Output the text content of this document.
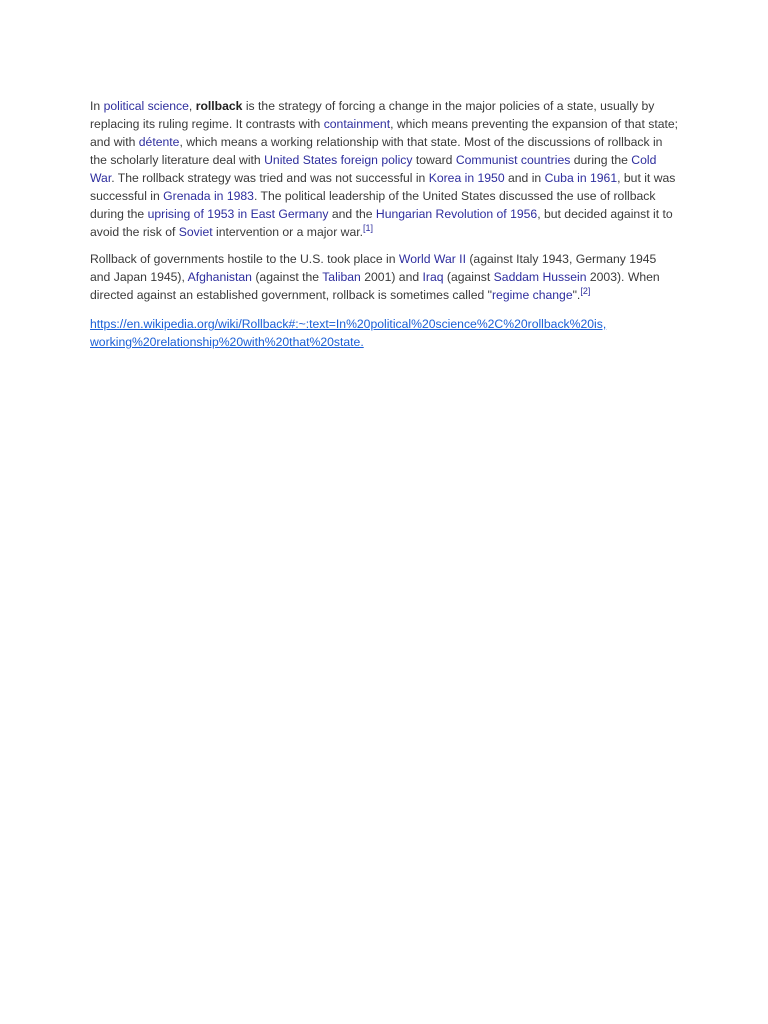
In political science, rollback is the strategy of forcing a change in the major policies of a state, usually by replacing its ruling regime. It contrasts with containment, which means preventing the expansion of that state; and with détente, which means a working relationship with that state. Most of the discussions of rollback in the scholarly literature deal with United States foreign policy toward Communist countries during the Cold War. The rollback strategy was tried and was not successful in Korea in 1950 and in Cuba in 1961, but it was successful in Grenada in 1983. The political leadership of the United States discussed the use of rollback during the uprising of 1953 in East Germany and the Hungarian Revolution of 1956, but decided against it to avoid the risk of Soviet intervention or a major war.[1]

Rollback of governments hostile to the U.S. took place in World War II (against Italy 1943, Germany 1945 and Japan 1945), Afghanistan (against the Taliban 2001) and Iraq (against Saddam Hussein 2003). When directed against an established government, rollback is sometimes called "regime change".[2]

https://en.wikipedia.org/wiki/Rollback#:~:text=In%20political%20science%2C%20rollback%20is,
working%20relationship%20with%20that%20state.
